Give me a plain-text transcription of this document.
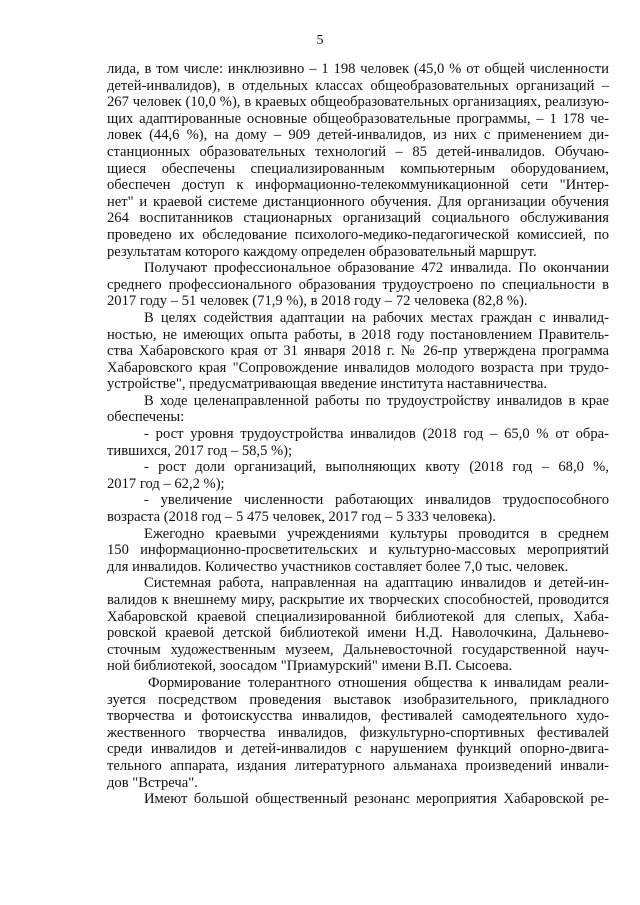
5
лида, в том числе: инклюзивно – 1 198 человек (45,0 % от общей численности
детей-инвалидов), в отдельных классах общеобразовательных организаций –
267 человек (10,0 %), в краевых общеобразовательных организациях, реализую-
щих адаптированные основные общеобразовательные программы, – 1 178 че-
ловек (44,6 %), на дому – 909 детей-инвалидов, из них с применением ди-
станционных образовательных технологий – 85 детей-инвалидов. Обучаю-
щиеся обеспечены специализированным компьютерным оборудованием,
обеспечен доступ к информационно-телекоммуникационной сети "Интер-
нет" и краевой системе дистанционного обучения. Для организации обучения
264 воспитанников стационарных организаций социального обслуживания
проведено их обследование психолого-медико-педагогической комиссией, по
результатам которого каждому определен образовательный маршрут.
Получают профессиональное образование 472 инвалида. По окончании
среднего профессионального образования трудоустроено по специальности в
2017 году – 51 человек (71,9 %), в 2018 году – 72 человека (82,8 %).
В целях содействия адаптации на рабочих местах граждан с инвалид-
ностью, не имеющих опыта работы, в 2018 году постановлением Правитель-
ства Хабаровского края от 31 января 2018 г. № 26-пр утверждена программа
Хабаровского края "Сопровождение инвалидов молодого возраста при трудо-
устройстве", предусматривающая введение института наставничества.
В ходе целенаправленной работы по трудоустройству инвалидов в крае
обеспечены:
- рост уровня трудоустройства инвалидов (2018 год – 65,0 % от обра-
тившихся, 2017 год – 58,5 %);
- рост доли организаций, выполняющих квоту (2018 год – 68,0 %,
2017 год – 62,2 %);
- увеличение численности работающих инвалидов трудоспособного
возраста (2018 год – 5 475 человек, 2017 год – 5 333 человека).
Ежегодно краевыми учреждениями культуры проводится в среднем
150 информационно-просветительских и культурно-массовых мероприятий
для инвалидов. Количество участников составляет более 7,0 тыс. человек.
Системная работа, направленная на адаптацию инвалидов и детей-ин-
валидов к внешнему миру, раскрытие их творческих способностей, проводится
Хабаровской краевой специализированной библиотекой для слепых, Хаба-
ровской краевой детской библиотекой имени Н.Д. Наволочкина, Дальнево-
сточным художественным музеем, Дальневосточной государственной науч-
ной библиотекой, зоосадом "Приамурский" имени В.П. Сысоева.
Формирование толерантного отношения общества к инвалидам реали-
зуется посредством проведения выставок изобразительного, прикладного
творчества и фотоискусства инвалидов, фестивалей самодеятельного худо-
жественного творчества инвалидов, физкультурно-спортивных фестивалей
среди инвалидов и детей-инвалидов с нарушением функций опорно-двига-
тельного аппарата, издания литературного альманаха произведений инвали-
дов "Встреча".
Имеют большой общественный резонанс мероприятия Хабаровской ре-
